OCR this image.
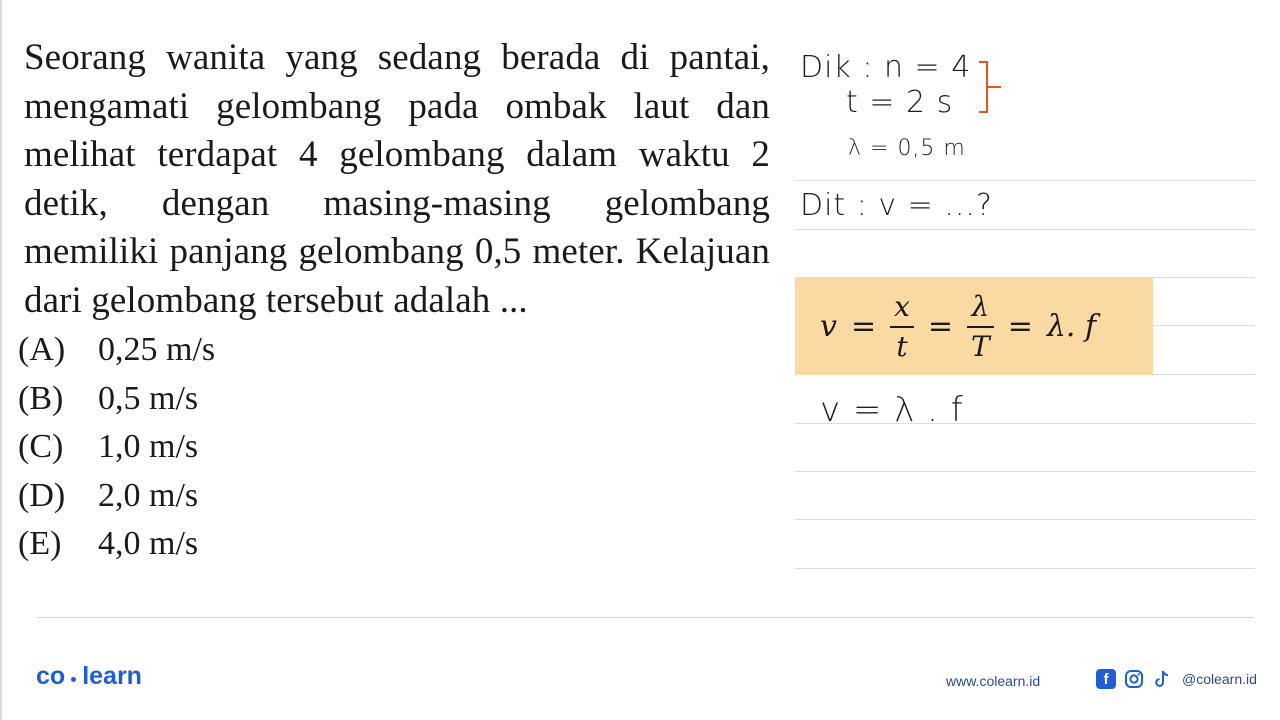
Seorang wanita yang sedang berada di pantai, mengamati gelombang pada ombak laut dan melihat terdapat 4 gelombang dalam waktu 2 detik, dengan masing-masing gelombang memiliki panjang gelombang 0,5 meter. Kelajuan dari gelombang tersebut adalah ...

(A) 0,25 m/s
(B)	0,5 m/s
(C)	1,0 m/s
(D) 2,0 m/s
(E)	4,0 m/s
Dik : n = 4
t = 2 s
λ = 0,5 m
Dit : v = ...?
$v = \frac{x}{t} = \frac{\lambda}{T} = \lambda$. f
v = λ . f
co learn	www.colearn.id	f	@colearn.id
